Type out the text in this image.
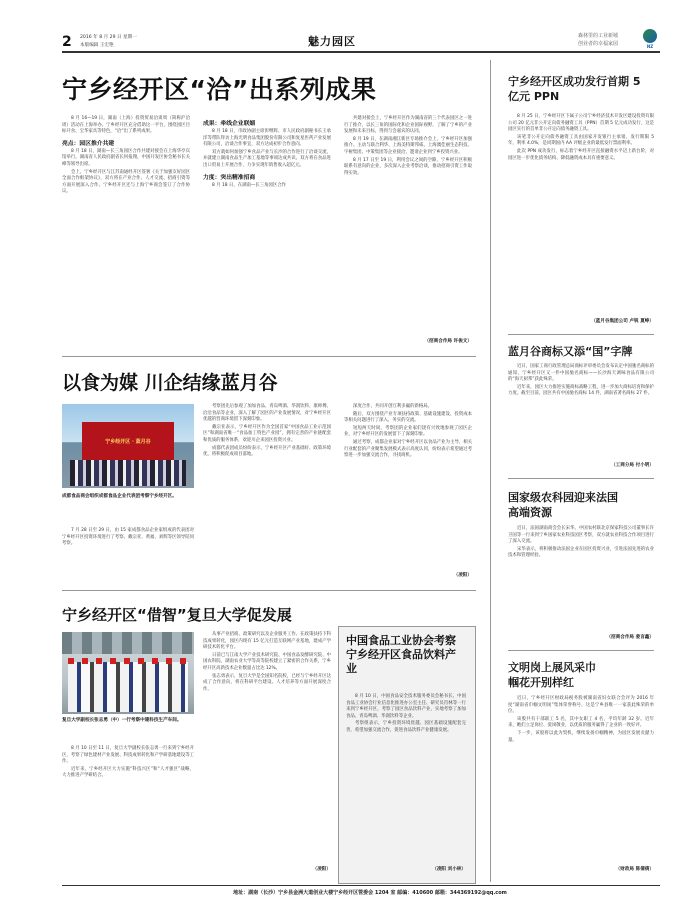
2 2016 年 8 月 29 日 星期一
本版编辑 王宏艳	魅力园区	森林里的工业新城
创业者的幸福家园	NZ
宁乡经开区“洽”出系列成果
8 月 16—19 日，湖南（上海）投资贸易洽谈周（简称沪洽周）活动在上海举办。宁乡经开区充分借助这一平台，围绕园区目标开食、宝华家具等特色，“洽”出了系列成果。
亮点：园区推介共建
8 月 18 日，湖南—长三角园区合作共建对接会在上海华亭宾馆举行。湖南省人民政府副省长何报翔、中国开发区协会秘书长关峰等领导出席。
会上，宁乡经开区与江苏南通经开区签署《关于加强友好园区全面合作框架协议》，双方将在产业合作、人才交流、招商引资等方面开展深入合作。宁乡经开区还与上海宁乡商会签订了合作协议。
成果：牵线企业联姻
8 月 18 日，市政协副主席彭继辉、市人民政府副秘书长王承洋等带队拜访上海光明食品集团股份有限公司和复星医药产业发展有限公司，洽谈合作事宜，双方达成初步合作意向。
双方就如何加强宁乡食品产业与长沙的合作进行了洽谈交流，并就建立湖南食品生产加工基地等事项达成共识。双方将在食品进出口贸易上开展合作，力争实现年销售收入超亿元。
力度：突出精准招商
8 月 18 日，在湖南—长三角园区合作
共建对接会上，宁乡经开区作为湖南省的三个代表园区之一进行了推介，以长三角的国际化和企业国际视野，了解了宁乡的产业发展和未来目标，得到与会嘉宾的认同。
8 月 19 日，在湖南湘江新区专场推介会上，宁乡经开区加强推介。主动与联合利华、上海美特斯邦威、上海澳佳丽生态科技、宇树集团、中策集团等企业接洽，邀请企业到宁乡投资兴业。
8 月 17 日至 19 日，利用会议之间的空隙，宁乡经开区积极联系有意向的企业，多次深入企业考察洽谈，推动招商引资工作取得实效。
（招商合作局 许俊文）
以食为媒 川企结缘蓝月谷
宁乡经开区 · 蓝月谷
成都食品商会组织成都食品企业代表团考察宁乡经开区。
7 月 28 日至 29 日，由 15 家成都食品企业家组成的代表团对宁乡经开区投资环境进行了考察。戴宗亚、黄福、刘辉等区领导陪同考察。
考察团先后参观了加加食品、青岛啤酒、华润饮料、康师傅、洽洽食品等企业，深入了解了园区的产业发展情况，对宁乡经开区优越的营商环境留下深刻印象。
戴宗亚表示，宁乡经开区作为全国首家“中国食品工业示范园区”和湖南省唯一“食品加工特色产业园”，拥有完善的产业链配套和优质的服务体系，欢迎川企来园区投资兴业。
成都代表团成员纷纷表示，宁乡经开区产业基础好、政策环境优，将积极促成项目落地。
深度合作，共同开创互利多赢的新格局。
随后，双方围绕产业专项扶持政策、基础设施建设、投资成本等相关问题进行了深入、务实的交流。
短短两天时间，考察团的企业家们饶有兴致地参观了园区企业，对宁乡经开区的发展留下了深刻印象。
通过考察，成都企业家对宁乡经开区以食品产业为主导、相关行业配套的产业聚集发展模式表示高度认同，纷纷表示希望通过考察进一步加强交流合作，寻找商机。
（凌阳）
宁乡经开区“借智”复旦大学促发展
复旦大学副校长张志勇（中）一行考察中建科技生产车间。
8 月 10 日至 11 日，复旦大学副校长张志勇一行来到宁乡经开区，考察了绿色建材产业发展、科技成果转化和产学研基地建设等工作。
近年来，宁乡经开区大力实施“科技兴区”和“人才强区”战略，大力推进产学研结合。
从事产业招商、政策研究以及企业服务工作。在政策扶持下科技成果转化，园区内现有 15 亿元打造互联网产业基地，建成产学研技术转化平台。
日前已与江南大学产业技术研究院、中国食品发酵研究院、中国农科院、湖南农业大学等高等院校建立了紧密的合作关系，宁乡经开区高新技术企业数量占比达 12%。
张志勇表示，复旦大学是全国知名院校，已经与宁乡经开区达成了合作意向，将在科研平台建设、人才培养等方面开展深度合作。
（凌阳）
中国食品工业协会考察宁乡经开区食品饮料产业
8 月 10 日，中国食品安全技术服务委员会秘书长、中国食品工业协会行业信息化推进办公室主任、研究员肖林等一行来到宁乡经开区，考察了园区食品饮料产业，实地考察了加加食品、青岛啤酒、华润饮料等企业。
考察组表示，宁乡投资环境优越、园区基础设施配套完善，希望加强交流合作，促进食品饮料产业健康发展。
（凌阳 刘小林）
宁乡经开区成功发行首期 5 亿元 PPN
8 月 25 日，宁乡经开区下属子公司宁乡经济技术开发区建设投资有限公司 20 亿元非公开定向债务融资工具（PPN）首期 5 亿元成功发行，这是园区实行的首单非公开定向债务融资工具。
该笔非公开定向债务融资工具由国家开发银行主承销，发行期限 5 年，利率 4.0%，是同期国内 AA 评级企业的最低发行票面利率。
此次 PPN 成功发行，标志着宁乡经开区直接融资水平迈上新台阶，对园区进一步优化债务结构、降低融资成本具有重要意义。
（蓝月谷集团公司 卢锐 夏峥）
蓝月谷商标又添“国”字牌
近日，国家工商行政管理总局商标评审委员会发布认定中国驰名商标的通知，宁乡经开区又一件中国驰名商标——长沙海天调味食品有限公司的“海天厨邦”获此殊荣。
近年来，园区大力推进实施商标战略工程，进一步加大商标培育和保护力度。截至目前，园区共有中国驰名商标 14 件，湖南省著名商标 27 件。
（工商分局 付小明）
国家级农科园迎来法国高端资源
近日，法国湖南商会会长宋华、中国农村联北京保家科技公司董事长许卫国等一行来到宁乡国家农业科技园区考察，双方就农业科技合作项目进行了深入交流。
宋华表示，将积极推动法国企业在园区投资兴业，引进法国先进的农业技术和管理经验。
（招商合作局 姜言鑫）
文明岗上展风采巾帼花开别样红
近日，宁乡经开区财政局税务股被湖南省妇女联合会评为 2016 年度“湖南省巾帼文明岗”集体荣誉称号，这是宁乡县唯一一家获此殊荣的单位。
该股共有干部职工 5 名，其中女职工 4 名，平均年龄 32 岁。近年来，她们立足岗位、爱岗敬业，以优质的服务赢得了企业的一致好评。
下一步，该股将以此为契机，继续发扬巾帼精神，为园区发展贡献力量。
（财政局 陈倩倩）
地址：湖南（长沙）宁乡县金洲大道创业大楼宁乡经开区管委会 1204 室 邮编：410600 邮箱：344369192@qq.com
